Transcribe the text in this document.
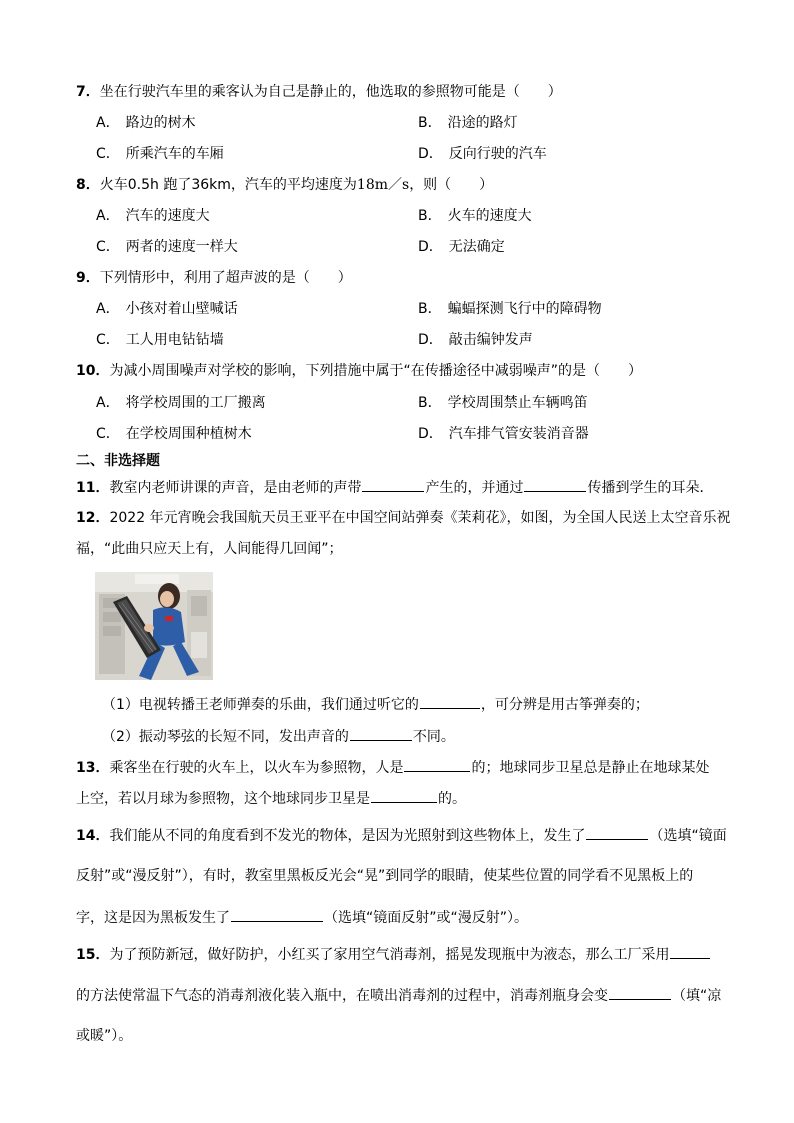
7．坐在行驶汽车里的乘客认为自己是静止的，他选取的参照物可能是（　　）
A． 路边的树木	B． 沿途的路灯
C． 所乘汽车的车厢	D． 反向行驶的汽车
8．火车0.5h 跑了36km，汽车的平均速度为18m／s，则（　　）
A． 汽车的速度大	B． 火车的速度大
C． 两者的速度一样大	D． 无法确定
9．下列情形中，利用了超声波的是（　　）
A． 小孩对着山壁喊话	B． 蝙蝠探测飞行中的障碍物
C． 工人用电钻钻墙	D． 敲击编钟发声
10．为减小周围噪声对学校的影响，下列措施中属于“在传播途径中减弱噪声”的是（　　）
A． 将学校周围的工厂搬离	B． 学校周围禁止车辆鸣笛
C． 在学校周围种植树木	D． 汽车排气管安装消音器
二、非选择题
11．教室内老师讲课的声音，是由老师的声带	产生的，并通过	传播到学生的耳朵．
12．2022 年元宵晚会我国航天员王亚平在中国空间站弹奏《茉莉花》，如图，为全国人民送上太空音乐祝
福，“此曲只应天上有，人间能得几回闻”；
（1）电视转播王老师弹奏的乐曲，我们通过听它的	，可分辨是用古筝弹奏的；
（2）振动琴弦的长短不同，发出声音的	不同。
13．乘客坐在行驶的火车上，以火车为参照物，人是	的；地球同步卫星总是静止在地球某处
上空，若以月球为参照物，这个地球同步卫星是	的。
14．我们能从不同的角度看到不发光的物体，是因为光照射到这些物体上，发生了	（选填“镜面
反射”或“漫反射”），有时，教室里黑板反光会“晃”到同学的眼睛，使某些位置的同学看不见黑板上的
字，这是因为黑板发生了	（选填“镜面反射”或“漫反射”）。
15．为了预防新冠，做好防护，小红买了家用空气消毒剂，摇晃发现瓶中为液态，那么工厂采用
的方法使常温下气态的消毒剂液化装入瓶中，在喷出消毒剂的过程中，消毒剂瓶身会变	（填“凉
或暖”）。
